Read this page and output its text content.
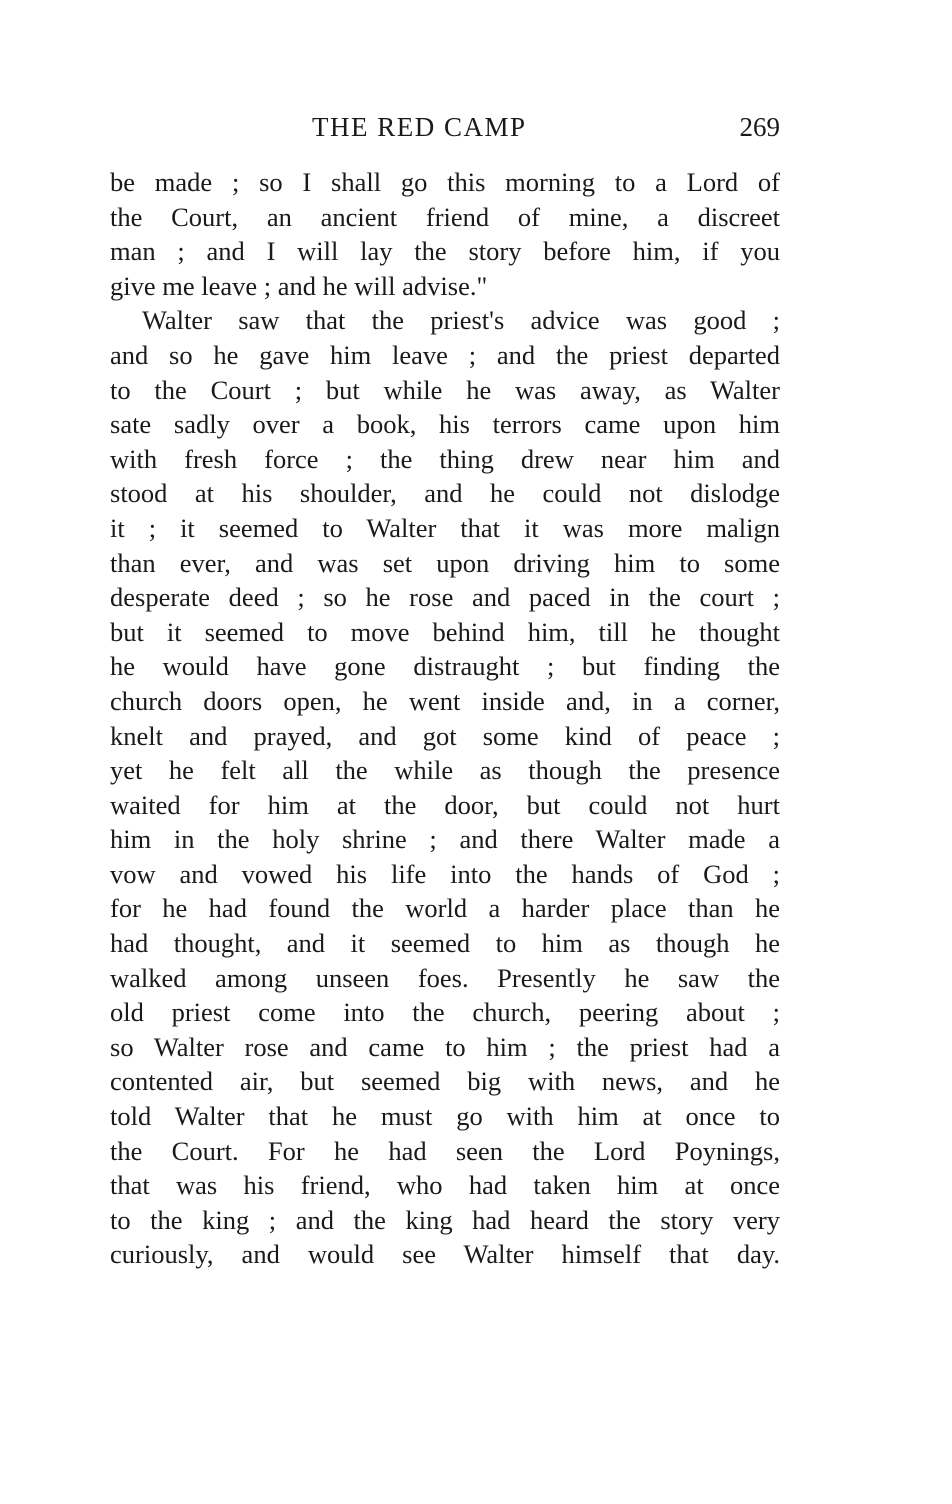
THE RED CAMP	269
be made ; so I shall go this morning to a Lord of
the Court, an ancient friend of mine, a discreet
man ; and I will lay the story before him, if you
give me leave ; and he will advise."
Walter saw that the priest's advice was good ;
and so he gave him leave ; and the priest departed
to the Court ; but while he was away, as Walter
sate sadly over a book, his terrors came upon him
with fresh force ; the thing drew near him and
stood at his shoulder, and he could not dislodge
it ; it seemed to Walter that it was more malign
than ever, and was set upon driving him to some
desperate deed ; so he rose and paced in the court ;
but it seemed to move behind him, till he thought
he would have gone distraught ; but finding the
church doors open, he went inside and, in a corner,
knelt and prayed, and got some kind of peace ;
yet he felt all the while as though the presence
waited for him at the door, but could not hurt
him in the holy shrine ; and there Walter made a
vow and vowed his life into the hands of God ;
for he had found the world a harder place than he
had thought, and it seemed to him as though he
walked among unseen foes. Presently he saw the
old priest come into the church, peering about ;
so Walter rose and came to him ; the priest had a
contented air, but seemed big with news, and he
told Walter that he must go with him at once to
the Court. For he had seen the Lord Poynings,
that was his friend, who had taken him at once
to the king ; and the king had heard the story very
curiously, and would see Walter himself that day.
